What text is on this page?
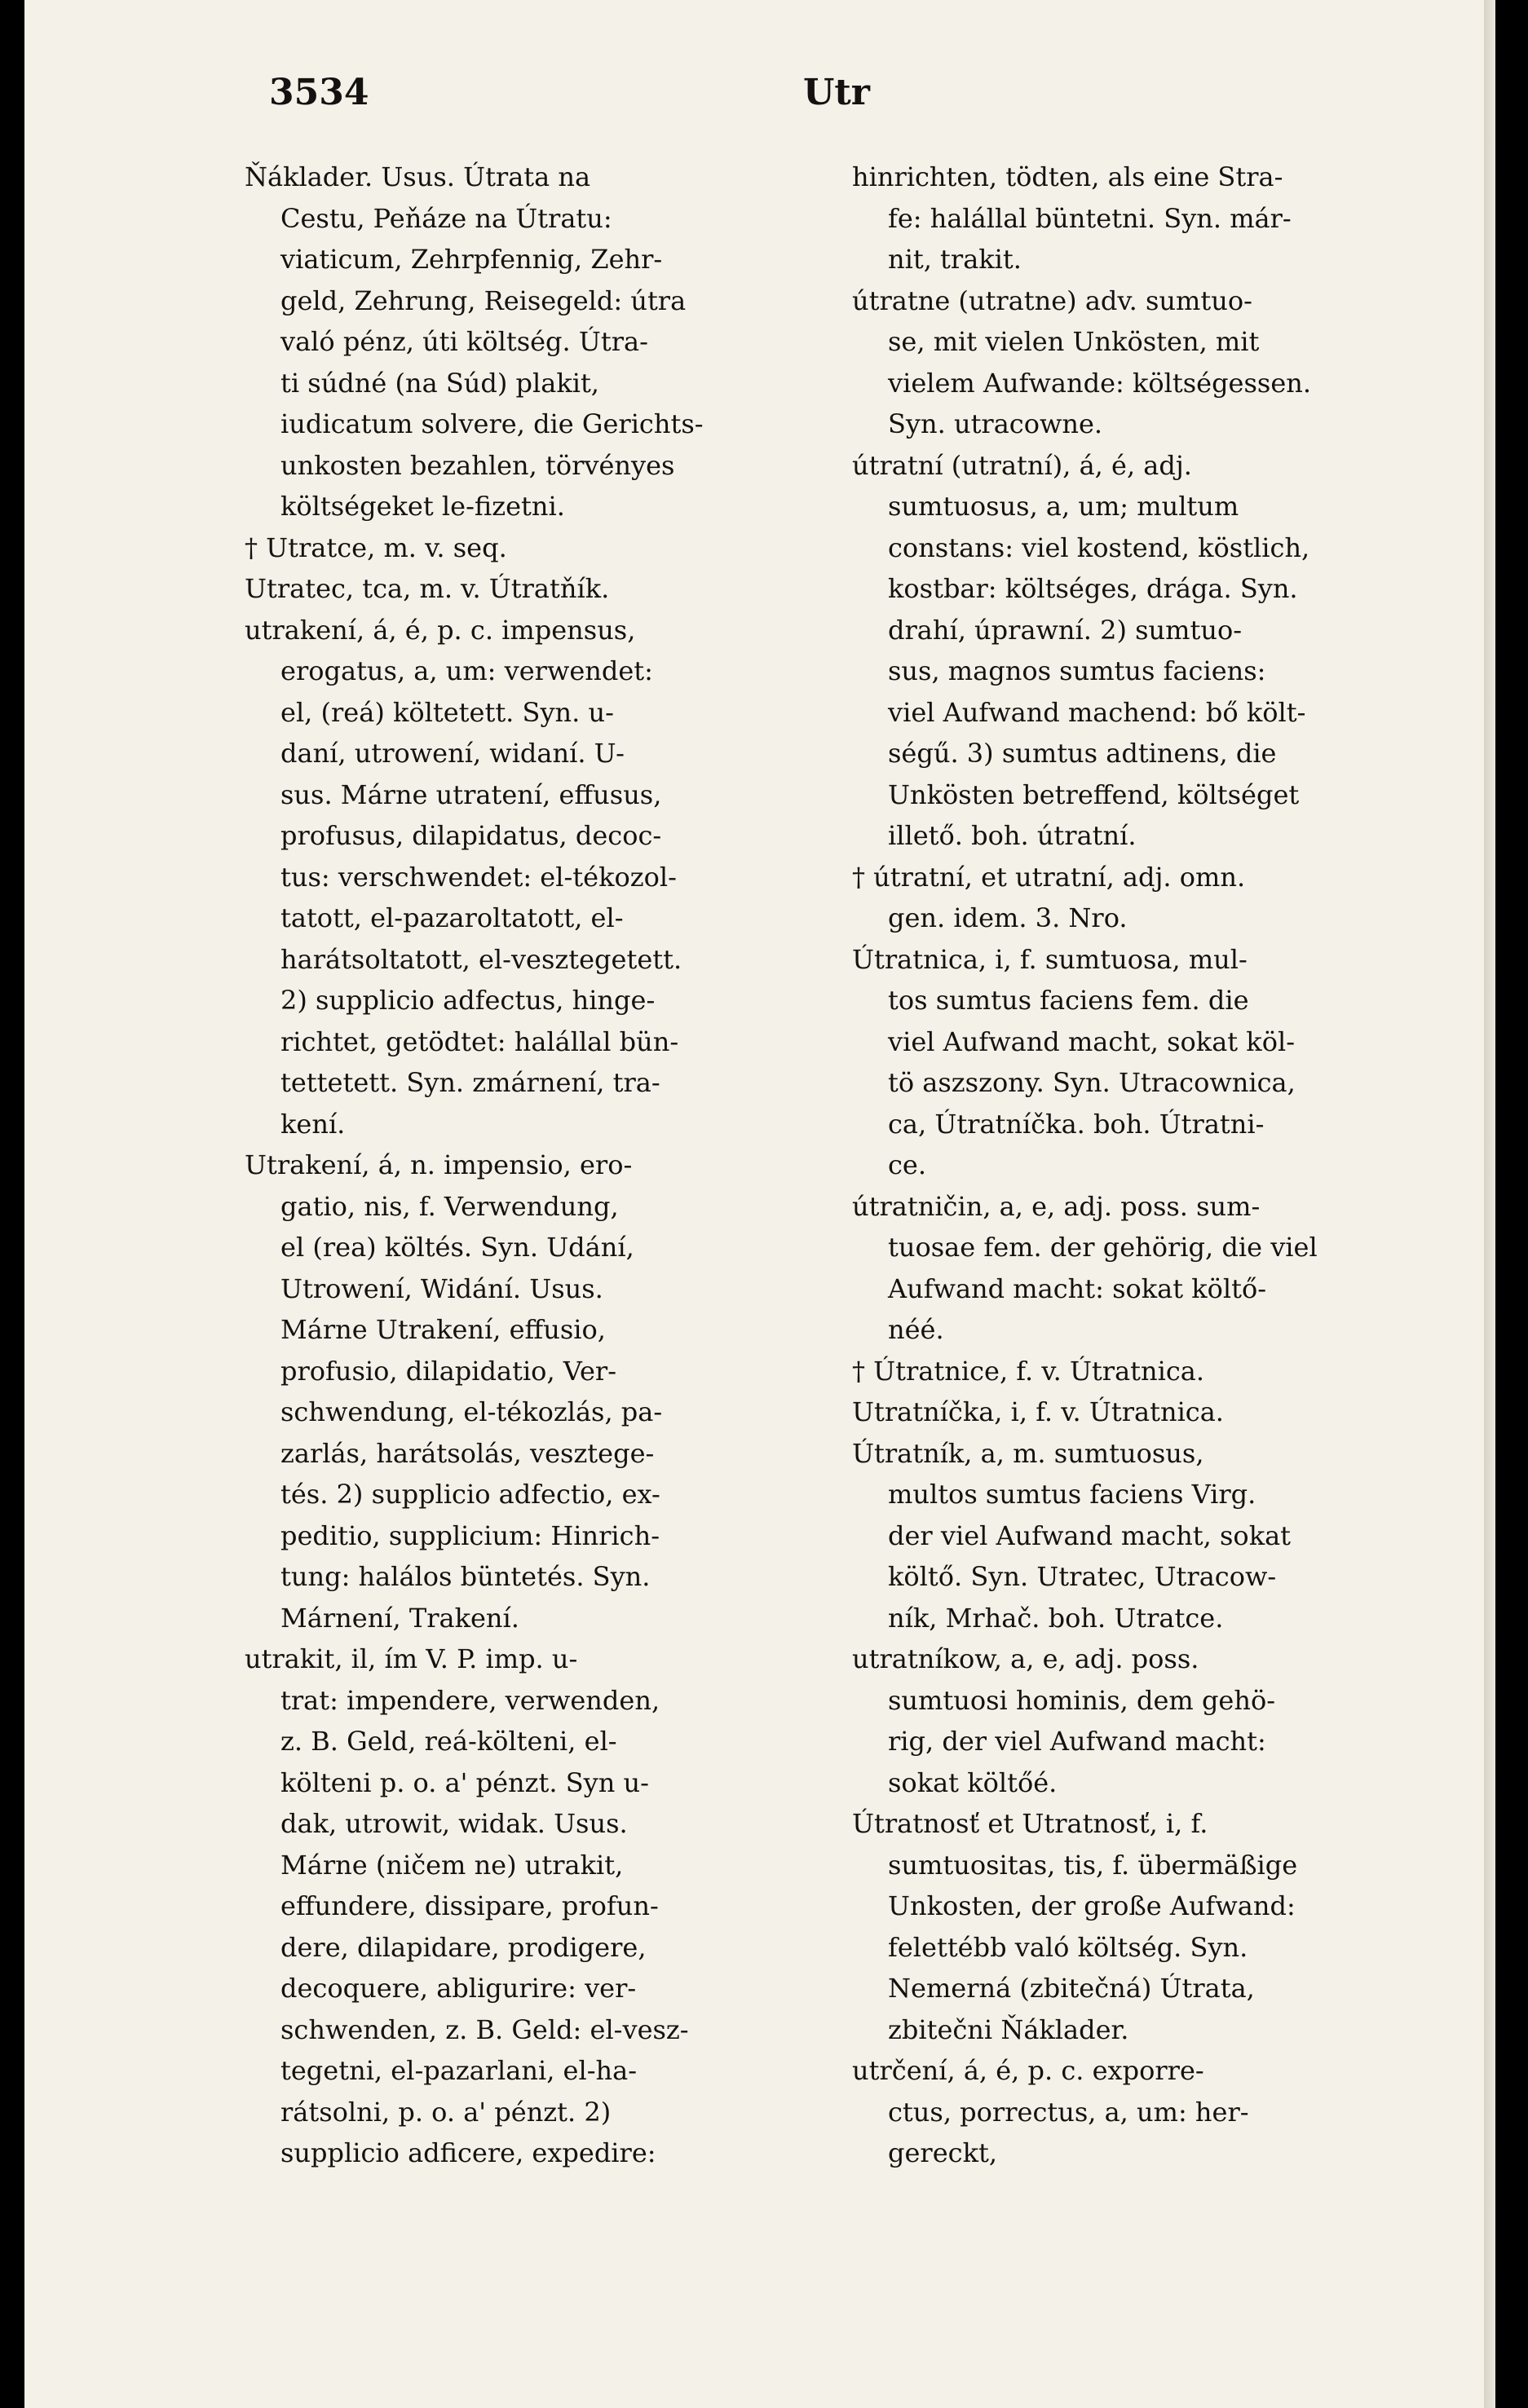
3534	Utr
Ňáklader. Usus. Útrata na
Cestu, Peňáze na Útratu:
viaticum, Zehrpfennig, Zehr-
geld, Zehrung, Reisegeld: útra
való pénz, úti költség. Útra-
ti súdné (na Súd) plakit,
iudicatum solvere, die Gerichts-
unkosten bezahlen, törvényes
költségeket le-fizetni.
† Utratce, m. v. seq.
Utratec, tca, m. v. Útratňík.
utrakení, á, é, p. c. impensus,
erogatus, a, um: verwendet:
el, (reá) költetett. Syn. u-
daní, utrowení, widaní. U-
sus. Márne utratení, effusus,
profusus, dilapidatus, decoc-
tus: verschwendet: el-tékozol-
tatott, el-pazaroltatott, el-
harátsoltatott, el-vesztegetett.
2) supplicio adfectus, hinge-
richtet, getödtet: halállal bün-
tettetett. Syn. zmárnení, tra-
kení.
Utrakení, á, n. impensio, ero-
gatio, nis, f. Verwendung,
el (rea) költés. Syn. Udání,
Utrowení, Widání. Usus.
Márne Utrakení, effusio,
profusio, dilapidatio, Ver-
schwendung, el-tékozlás, pa-
zarlás, harátsolás, vesztege-
tés. 2) supplicio adfectio, ex-
peditio, supplicium: Hinrich-
tung: halálos büntetés. Syn.
Márnení, Trakení.
utrakit, il, ím V. P. imp. u-
trat: impendere, verwenden,
z. B. Geld, reá-költeni, el-
költeni p. o. a' pénzt. Syn u-
dak, utrowit, widak. Usus.
Márne (ničem ne) utrakit,
effundere, dissipare, profun-
dere, dilapidare, prodigere,
decoquere, abligurire: ver-
schwenden, z. B. Geld: el-vesz-
tegetni, el-pazarlani, el-ha-
rátsolni, p. o. a' pénzt. 2)
supplicio adficere, expedire:
hinrichten, tödten, als eine Stra-
fe: halállal büntetni. Syn. már-
nit, trakit.
útratne (utratne) adv. sumtuo-
se, mit vielen Unkösten, mit
vielem Aufwande: költségessen.
Syn. utracowne.
útratní (utratní), á, é, adj.
sumtuosus, a, um; multum
constans: viel kostend, köstlich,
kostbar: költséges, drága. Syn.
drahí, úprawní. 2) sumtuo-
sus, magnos sumtus faciens:
viel Aufwand machend: bő költ-
ségű. 3) sumtus adtinens, die
Unkösten betreffend, költséget
illető. boh. útratní.
† útratní, et utratní, adj. omn.
gen. idem. 3. Nro.
Útratnica, i, f. sumtuosa, mul-
tos sumtus faciens fem. die
viel Aufwand macht, sokat köl-
tö aszszony. Syn. Utracownica,
ca, Útratníčka. boh. Útratni-
ce.
útratničin, a, e, adj. poss. sum-
tuosae fem. der gehörig, die viel
Aufwand macht: sokat költő-
néé.
† Útratnice, f. v. Útratnica.
Utratníčka, i, f. v. Útratnica.
Útratník, a, m. sumtuosus,
multos sumtus faciens Virg.
der viel Aufwand macht, sokat
költő. Syn. Utratec, Utracow-
ník, Mrhač. boh. Utratce.
utratníkow, a, e, adj. poss.
sumtuosi hominis, dem gehö-
rig, der viel Aufwand macht:
sokat költőé.
Útratnosť et Utratnosť, i, f.
sumtuositas, tis, f. übermäßige
Unkosten, der große Aufwand:
felettébb való költség. Syn.
Nemerná (zbitečná) Útrata,
zbitečni Ňáklader.
utrčení, á, é, p. c. exporre-
ctus, porrectus, a, um: her-
gereckt,
